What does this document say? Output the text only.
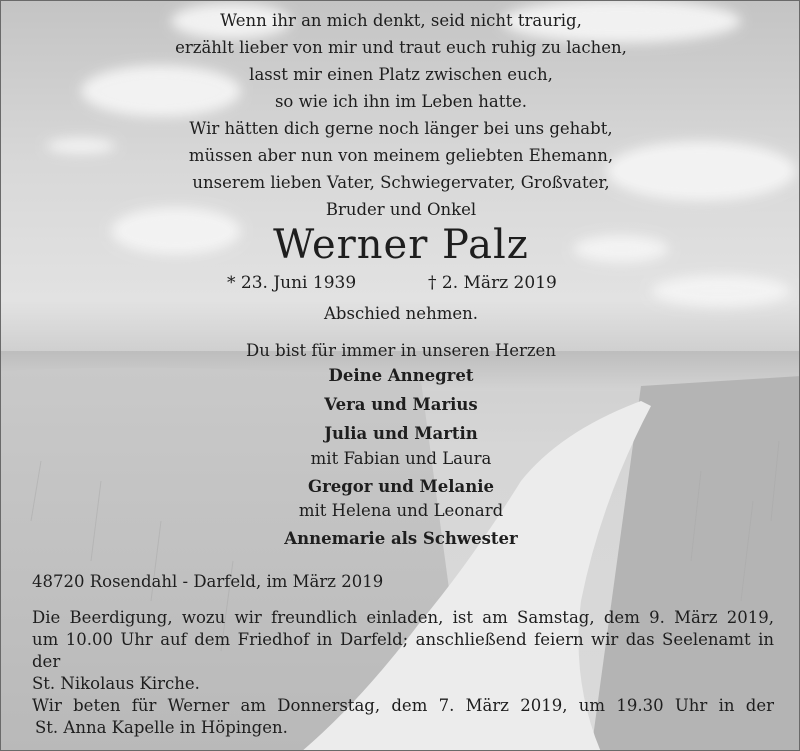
Wenn ihr an mich denkt, seid nicht traurig,
erzählt lieber von mir und traut euch ruhig zu lachen,
lasst mir einen Platz zwischen euch,
so wie ich ihn im Leben hatte.
Wir hätten dich gerne noch länger bei uns gehabt,
müssen aber nun von meinem geliebten Ehemann,
unserem lieben Vater, Schwiegervater, Großvater,
Bruder und Onkel
Werner Palz
* 23. Juni 1939	† 2. März 2019
Abschied nehmen.
Du bist für immer in unseren Herzen
Deine Annegret
Vera und Marius
Julia und Martin
mit Fabian und Laura
Gregor und Melanie
mit Helena und Leonard
Annemarie als Schwester
48720 Rosendahl - Darfeld, im März 2019
Die Beerdigung, wozu wir freundlich einladen, ist am Samstag, dem 9. März 2019,
um 10.00 Uhr auf dem Friedhof in Darfeld; anschließend feiern wir das Seelenamt in der
St. Nikolaus Kirche.
Wir beten für Werner am Donnerstag, dem 7. März 2019, um 19.30 Uhr in der
St. Anna Kapelle in Höpingen.
